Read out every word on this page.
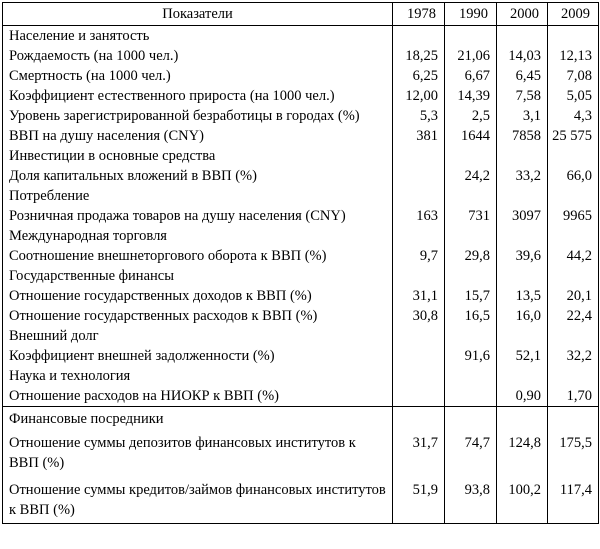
Показатели	1978	1990	2000	2009
Население и занятость				
Рождаемость (на 1000 чел.)	18,25	21,06	14,03	12,13
Смертность (на 1000 чел.)	6,25	6,67	6,45	7,08
Коэффициент естественного прироста (на 1000 чел.)	12,00	14,39	7,58	5,05
Уровень зарегистрированной безработицы в городах (%)	5,3	2,5	3,1	4,3
ВВП на душу населения (CNY)	381	1644	7858	25 575
Инвестиции в основные средства				
Доля капитальных вложений в ВВП (%)		24,2	33,2	66,0
Потребление				
Розничная продажа товаров на душу населения (CNY)	163	731	3097	9965
Международная торговля				
Соотношение внешнеторгового оборота к ВВП (%)	9,7	29,8	39,6	44,2
Государственные финансы				
Отношение государственных доходов к ВВП (%)	31,1	15,7	13,5	20,1
Отношение государственных расходов к ВВП (%)	30,8	16,5	16,0	22,4
Внешний долг				
Коэффициент внешней задолженности (%)		91,6	52,1	32,2
Наука и технология				
Отношение расходов на НИОКР к ВВП (%)			0,90	1,70
Финансовые посредники				
Отношение суммы депозитов финансовых институтов к ВВП (%)	31,7	74,7	124,8	175,5
Отношение суммы кредитов/займов финансовых институтов к ВВП (%)	51,9	93,8	100,2	117,4
